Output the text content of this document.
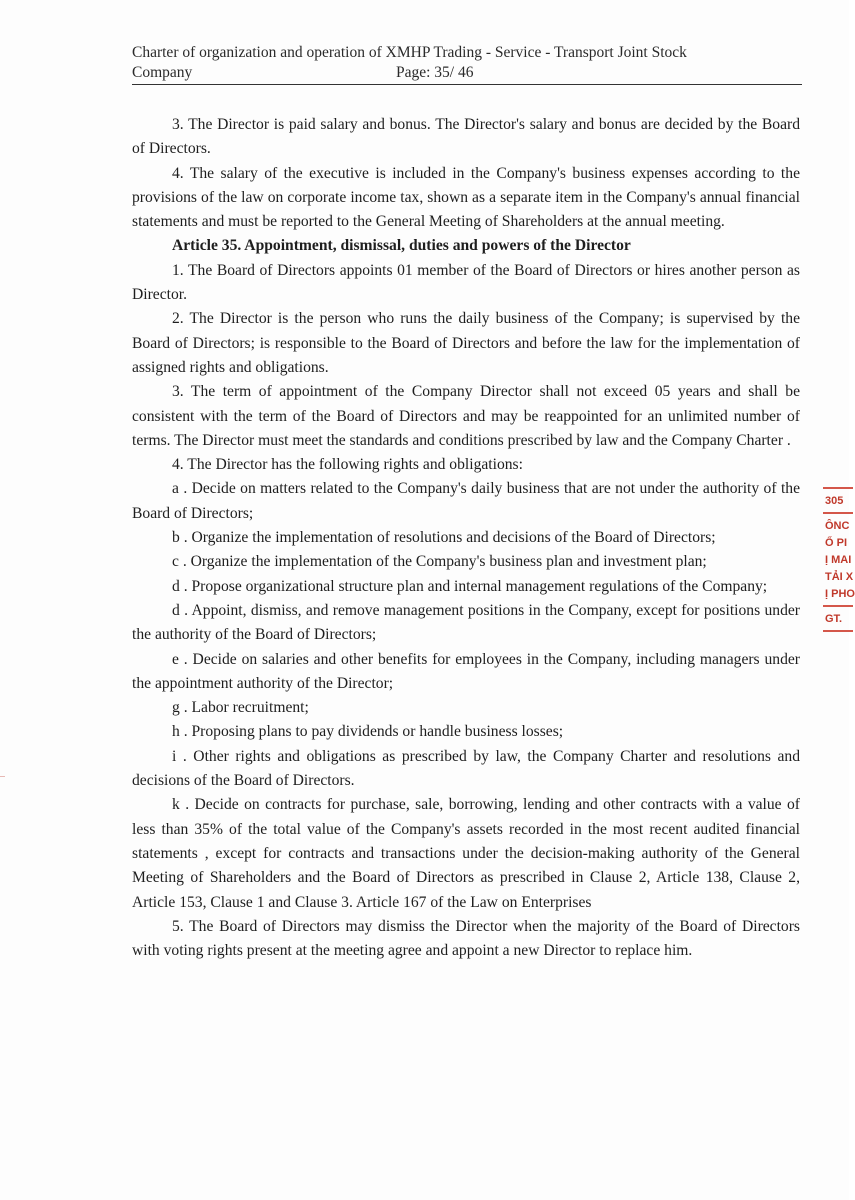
Charter of organization and operation of XMHP Trading - Service - Transport Joint Stock
Company	Page: 35/ 46

3. The Director is paid salary and bonus. The Director's salary and bonus are decided by the Board of Directors.

4. The salary of the executive is included in the Company's business expenses according to the provisions of the law on corporate income tax, shown as a separate item in the Company's annual financial statements and must be reported to the General Meeting of Shareholders at the annual meeting.

Article 35. Appointment, dismissal, duties and powers of the Director

1. The Board of Directors appoints 01 member of the Board of Directors or hires another person as Director.

2. The Director is the person who runs the daily business of the Company; is supervised by the Board of Directors; is responsible to the Board of Directors and before the law for the implementation of assigned rights and obligations.

3. The term of appointment of the Company Director shall not exceed 05 years and shall be consistent with the term of the Board of Directors and may be reappointed for an unlimited number of terms. The Director must meet the standards and conditions prescribed by law and the Company Charter .

4. The Director has the following rights and obligations:

a . Decide on matters related to the Company's daily business that are not under the authority of the Board of Directors;

b . Organize the implementation of resolutions and decisions of the Board of Directors;

c . Organize the implementation of the Company's business plan and investment plan;

d . Propose organizational structure plan and internal management regulations of the Company;

d . Appoint, dismiss, and remove management positions in the Company, except for positions under the authority of the Board of Directors;

e . Decide on salaries and other benefits for employees in the Company, including managers under the appointment authority of the Director;

g . Labor recruitment;

h . Proposing plans to pay dividends or handle business losses;

i . Other rights and obligations as prescribed by law, the Company Charter and resolutions and decisions of the Board of Directors.

k . Decide on contracts for purchase, sale, borrowing, lending and other contracts with a value of less than 35% of the total value of the Company's assets recorded in the most recent audited financial statements , except for contracts and transactions under the decision-making authority of the General Meeting of Shareholders and the Board of Directors as prescribed in Clause 2, Article 138, Clause 2, Article 153, Clause 1 and Clause 3. Article 167 of the Law on Enterprises

5. The Board of Directors may dismiss the Director when the majority of the Board of Directors with voting rights present at the meeting agree and appoint a new Director to replace him.

305
ÔNC
Ổ PI
Ị MAI
TẢI X
Ị PHO
GT.
